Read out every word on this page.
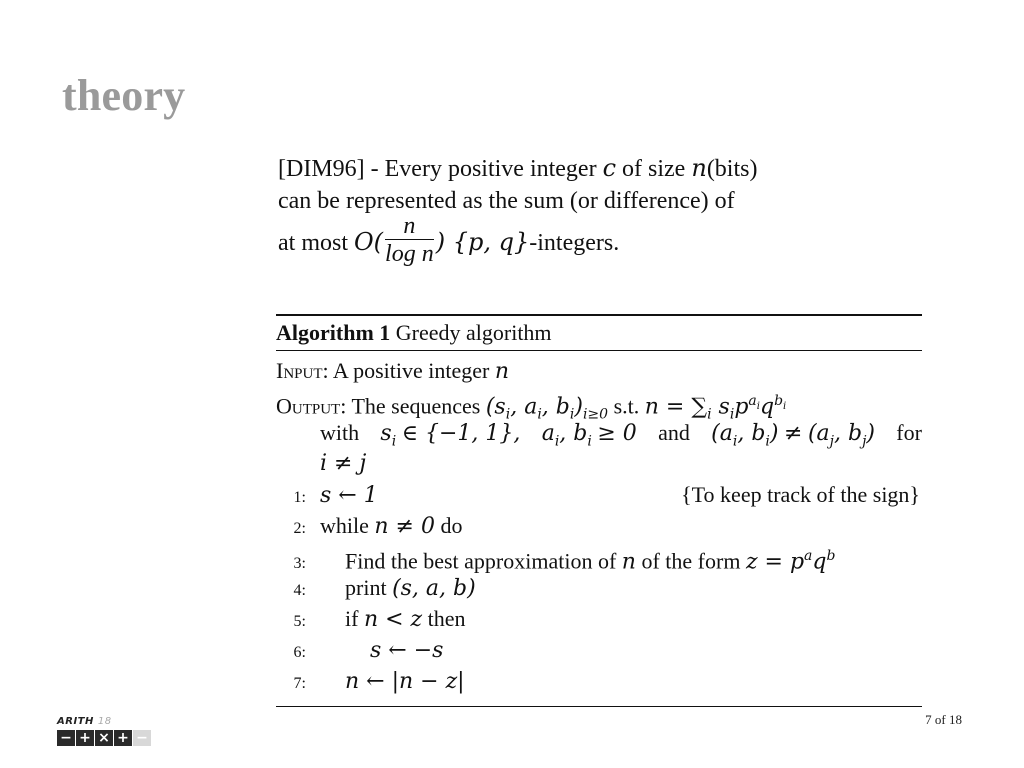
theory
[DIM96] - Every positive integer c of size n(bits)
can be represented as the sum (or difference) of
at most $O( \frac{n}{\text{log n}}$ ) {p, q}-integers.
Algorithm 1 Greedy algorithm
Input: A positive integer n
Output: The sequences ($s_i$, $a_i$, $b_i)_{i\ge 0}$ s.t. $n = \sum_i$ $s_ip^{a_i}q^{b_i}$
with $s_i$ ∈ {−1, 1}, $a_i$, $b_i \ge 0$ and ($a_i$, $b_i) \ne (a_j$, $b_j$) for
i ≠ j
1: s ← 1	{To keep track of the sign}
2: while n ≠ 0 do
3: Find the best approximation of n of the form $z = p^aq^b$
4: print (s, a, b)
5: if n < z then
6:	s ← −s
7: n ← |n − z|
ARITH 18
− + × + −
7 of 18
